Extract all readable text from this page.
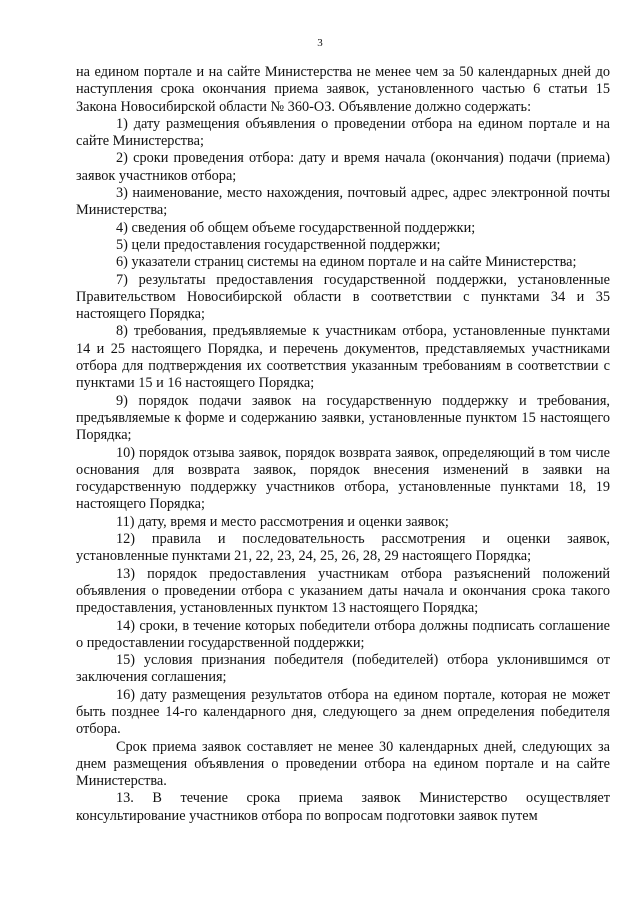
3

на едином портале и на сайте Министерства не менее чем за 50 календарных дней до наступления срока окончания приема заявок, установленного частью 6 статьи 15 Закона Новосибирской области № 360-ОЗ. Объявление должно содержать:

1) дату размещения объявления о проведении отбора на едином портале и на сайте Министерства;

2) сроки проведения отбора: дату и время начала (окончания) подачи (приема) заявок участников отбора;

3) наименование, место нахождения, почтовый адрес, адрес электронной почты Министерства;

4) сведения об общем объеме государственной поддержки;

5) цели предоставления государственной поддержки;

6) указатели страниц системы на едином портале и на сайте Министерства;

7) результаты предоставления государственной поддержки, установленные Правительством Новосибирской области в соответствии с пунктами 34 и 35 настоящего Порядка;

8) требования, предъявляемые к участникам отбора, установленные пунктами 14 и 25 настоящего Порядка, и перечень документов, представляемых участниками отбора для подтверждения их соответствия указанным требованиям в соответствии с пунктами 15 и 16 настоящего Порядка;

9) порядок подачи заявок на государственную поддержку и требования, предъявляемые к форме и содержанию заявки, установленные пунктом 15 настоящего Порядка;

10) порядок отзыва заявок, порядок возврата заявок, определяющий в том числе основания для возврата заявок, порядок внесения изменений в заявки на государственную поддержку участников отбора, установленные пунктами 18, 19 настоящего Порядка;

11) дату, время и место рассмотрения и оценки заявок;

12) правила и последовательность рассмотрения и оценки заявок, установленные пунктами 21, 22, 23, 24, 25, 26, 28, 29 настоящего Порядка;

13) порядок предоставления участникам отбора разъяснений положений объявления о проведении отбора с указанием даты начала и окончания срока такого предоставления, установленных пунктом 13 настоящего Порядка;

14) сроки, в течение которых победители отбора должны подписать соглашение о предоставлении государственной поддержки;

15) условия признания победителя (победителей) отбора уклонившимся от заключения соглашения;

16) дату размещения результатов отбора на едином портале, которая не может быть позднее 14-го календарного дня, следующего за днем определения победителя отбора.

Срок приема заявок составляет не менее 30 календарных дней, следующих за днем размещения объявления о проведении отбора на едином портале и на сайте Министерства.

13. В течение срока приема заявок Министерство осуществляет консультирование участников отбора по вопросам подготовки заявок путем
